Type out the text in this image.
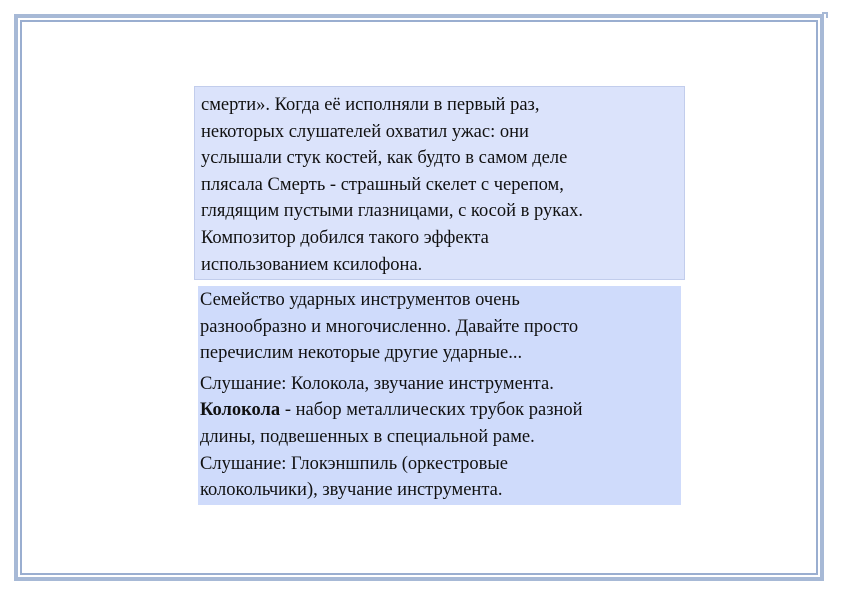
смерти». Когда её исполняли в первый раз,
некоторых слушателей охватил ужас: они
услышали стук костей, как будто в самом деле
плясала Смерть - страшный скелет с черепом,
глядящим пустыми глазницами, с косой в руках.
Композитор добился такого эффекта
использованием ксилофона.
Семейство ударных инструментов очень
разнообразно и многочисленно. Давайте просто
перечислим некоторые другие ударные...
Слушание: Колокола, звучание инструмента.
Колокола - набор металлических трубок разной
длины, подвешенных в специальной раме.
Слушание: Глокэншпиль (оркестровые
колокольчики), звучание инструмента.
